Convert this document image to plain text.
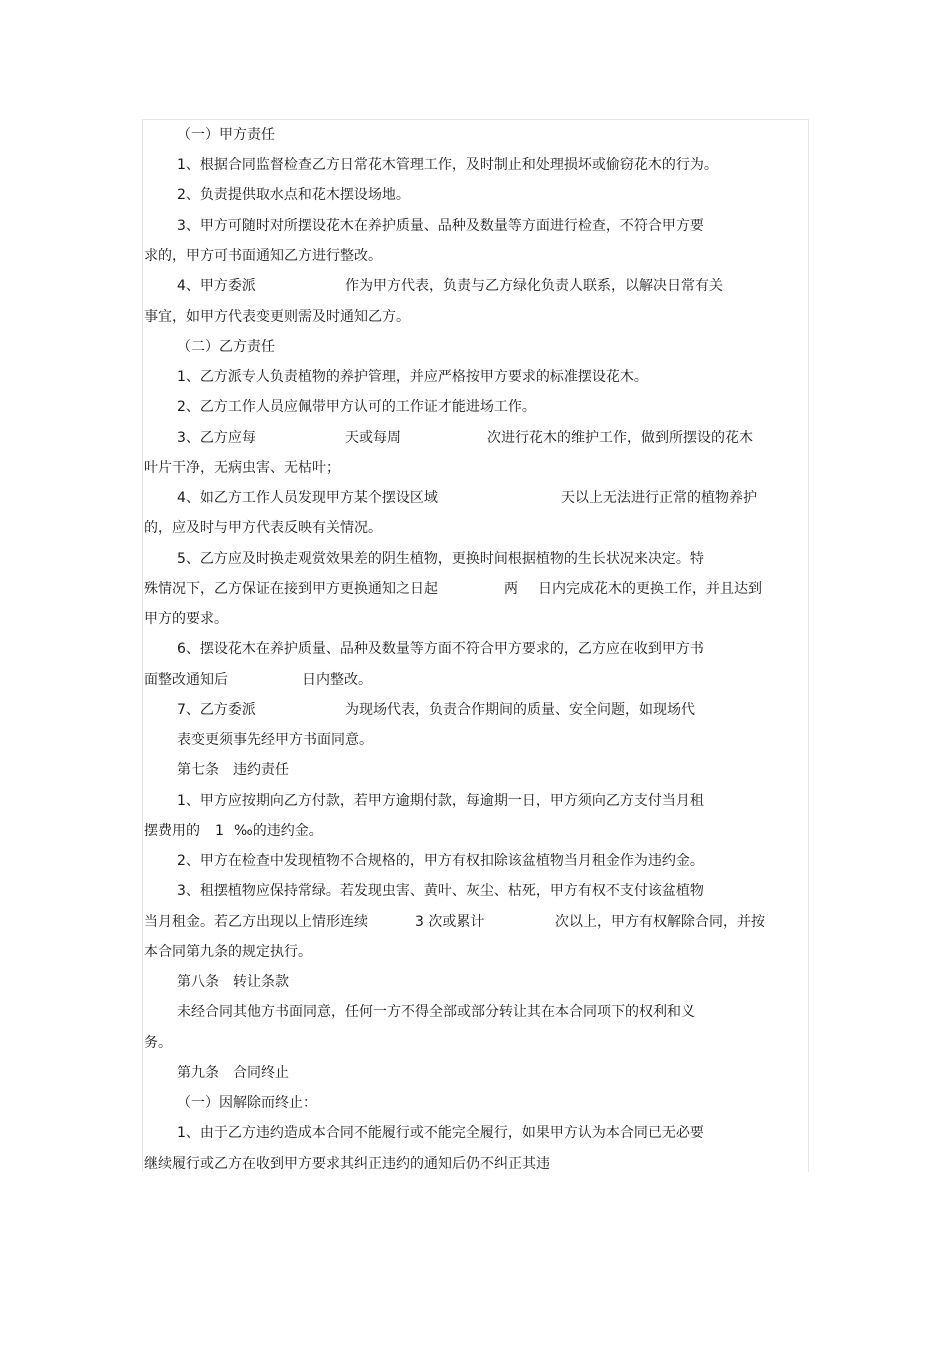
（一）甲方责任
1、根据合同监督检查乙方日常花木管理工作，及时制止和处理损坏或偷窃花木的行为。
2、负责提供取水点和花木摆设场地。
3、甲方可随时对所摆设花木在养护质量、品种及数量等方面进行检查，不符合甲方要
求的，甲方可书面通知乙方进行整改。
4、甲方委派	作为甲方代表，负责与乙方绿化负责人联系，以解决日常有关
事宜，如甲方代表变更则需及时通知乙方。
（二）乙方责任
1、乙方派专人负责植物的养护管理，并应严格按甲方要求的标准摆设花木。
2、乙方工作人员应佩带甲方认可的工作证才能进场工作。
3、乙方应每	天或每周	次进行花木的维护工作，做到所摆设的花木
叶片干净，无病虫害、无枯叶；
4、如乙方工作人员发现甲方某个摆设区域	天以上无法进行正常的植物养护
的，应及时与甲方代表反映有关情况。
5、乙方应及时换走观赏效果差的阴生植物，更换时间根据植物的生长状况来决定。特
殊情况下，乙方保证在接到甲方更换通知之日起	两 日内完成花木的更换工作，并且达到
甲方的要求。
6、摆设花木在养护质量、品种及数量等方面不符合甲方要求的，乙方应在收到甲方书
面整改通知后	日内整改。
7、乙方委派	为现场代表，负责合作期间的质量、安全问题，如现场代
表变更须事先经甲方书面同意。
第七条　违约责任
1、甲方应按期向乙方付款，若甲方逾期付款，每逾期一日，甲方须向乙方支付当月租
摆费用的 1 ‰的违约金。
2、甲方在检查中发现植物不合规格的，甲方有权扣除该盆植物当月租金作为违约金。
3、租摆植物应保持常绿。若发现虫害、黄叶、灰尘、枯死，甲方有权不支付该盆植物
当月租金。若乙方出现以上情形连续	3 次或累计	次以上，甲方有权解除合同，并按
本合同第九条的规定执行。
第八条　转让条款
未经合同其他方书面同意，任何一方不得全部或部分转让其在本合同项下的权利和义
务。
第九条　合同终止
（一）因解除而终止：
1、由于乙方违约造成本合同不能履行或不能完全履行，如果甲方认为本合同已无必要
继续履行或乙方在收到甲方要求其纠正违约的通知后仍不纠正其违
